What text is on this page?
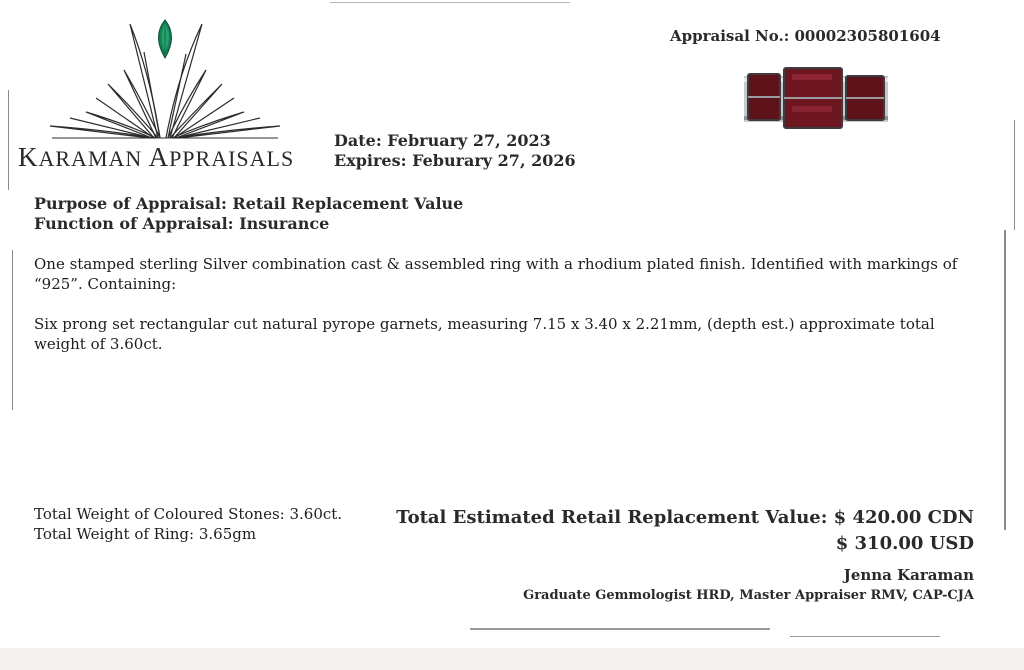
KARAMAN APPRAISALS
Appraisal No.: 00002305801604
Date: February 27, 2023
Expires: Feburary 27, 2026
Purpose of Appraisal: Retail Replacement Value
Function of Appraisal: Insurance

One stamped sterling Silver combination cast & assembled ring with a rhodium plated finish. Identified with markings of “925”. Containing:

Six prong set rectangular cut natural pyrope garnets, measuring 7.15 x 3.40 x 2.21mm, (depth est.) approximate total weight of 3.60ct.

Total Weight of Coloured Stones: 3.60ct.
Total Weight of Ring: 3.65gm
Total Estimated Retail Replacement Value: $ 420.00 CDN
$ 310.00 USD
Jenna Karaman
Graduate Gemmologist HRD, Master Appraiser RMV, CAP-CJA
